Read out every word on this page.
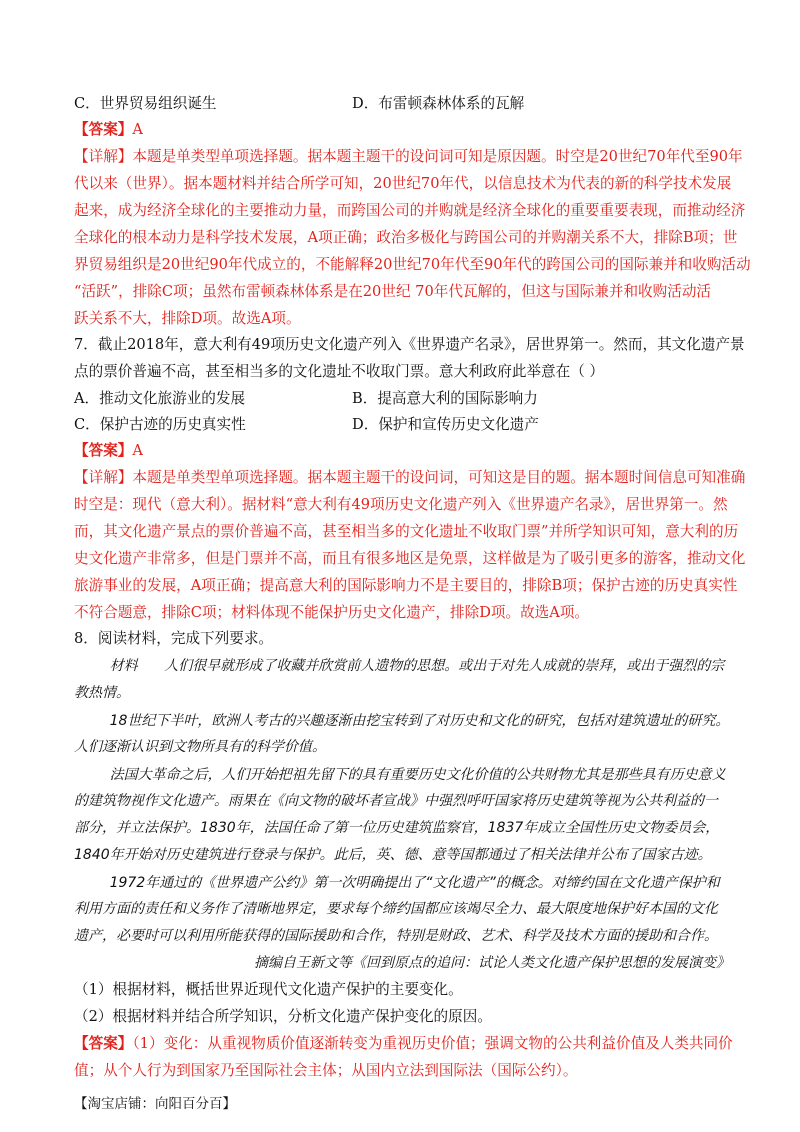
C．世界贸易组织诞生	D．布雷顿森林体系的瓦解
【答案】A
【详解】本题是单类型单项选择题。据本题主题干的设问词可知是原因题。时空是20世纪70年代至90年
代以来（世界）。据本题材料并结合所学可知，20世纪70年代，以信息技术为代表的新的科学技术发展
起来，成为经济全球化的主要推动力量，而跨国公司的并购就是经济全球化的重要重要表现，而推动经济
全球化的根本动力是科学技术发展，A项正确；政治多极化与跨国公司的并购潮关系不大，排除B项；世
界贸易组织是20世纪90年代成立的，不能解释20世纪70年代至90年代的跨国公司的国际兼并和收购活动
“活跃”，排除C项；虽然布雷顿森林体系是在20世纪 70年代瓦解的，但这与国际兼并和收购活动活
跃关系不大，排除D项。故选A项。
7．截止2018年，意大利有49项历史文化遗产列入《世界遗产名录》，居世界第一。然而，其文化遗产景
点的票价普遍不高，甚至相当多的文化遗址不收取门票。意大利政府此举意在（ ）
A．推动文化旅游业的发展	B．提高意大利的国际影响力
C．保护古迹的历史真实性	D．保护和宣传历史文化遗产
【答案】A
【详解】本题是单类型单项选择题。据本题主题干的设问词，可知这是目的题。据本题时间信息可知准确
时空是：现代（意大利）。据材料“意大利有49项历史文化遗产列入《世界遗产名录》，居世界第一。然
而，其文化遗产景点的票价普遍不高，甚至相当多的文化遗址不收取门票”并所学知识可知，意大利的历
史文化遗产非常多，但是门票并不高，而且有很多地区是免票，这样做是为了吸引更多的游客，推动文化
旅游事业的发展，A项正确；提高意大利的国际影响力不是主要目的，排除B项；保护古迹的历史真实性
不符合题意，排除C项；材料体现不能保护历史文化遗产，排除D项。故选A项。
8．阅读材料，完成下列要求。
材料      人们很早就形成了收藏并欣赏前人遗物的思想。或出于对先人成就的崇拜，或出于强烈的宗
教热情。
18世纪下半叶，欧洲人考古的兴趣逐渐由挖宝转到了对历史和文化的研究，包括对建筑遗址的研究。
人们逐渐认识到文物所具有的科学价值。
法国大革命之后，人们开始把祖先留下的具有重要历史文化价值的公共财物尤其是那些具有历史意义
的建筑物视作文化遗产。雨果在《向文物的破坏者宣战》中强烈呼吁国家将历史建筑等视为公共利益的一
部分，并立法保护。1830年，法国任命了第一位历史建筑监察官，1837年成立全国性历史文物委员会，
1840年开始对历史建筑进行登录与保护。此后，英、德、意等国都通过了相关法律并公布了国家古迹。
1972年通过的《世界遗产公约》第一次明确提出了“文化遗产”的概念。对缔约国在文化遗产保护和
利用方面的责任和义务作了清晰地界定，要求每个缔约国都应该竭尽全力、最大限度地保护好本国的文化
遗产，必要时可以利用所能获得的国际援助和合作，特别是财政、艺术、科学及技术方面的援助和合作。
摘编自王新文等《回到原点的追问：试论人类文化遗产保护思想的发展演变》
（1）根据材料，概括世界近现代文化遗产保护的主要变化。
（2）根据材料并结合所学知识，分析文化遗产保护变化的原因。
【答案】（1）变化：从重视物质价值逐渐转变为重视历史价值；强调文物的公共利益价值及人类共同价
值；从个人行为到国家乃至国际社会主体；从国内立法到国际法（国际公约）。
【淘宝店铺：向阳百分百】
